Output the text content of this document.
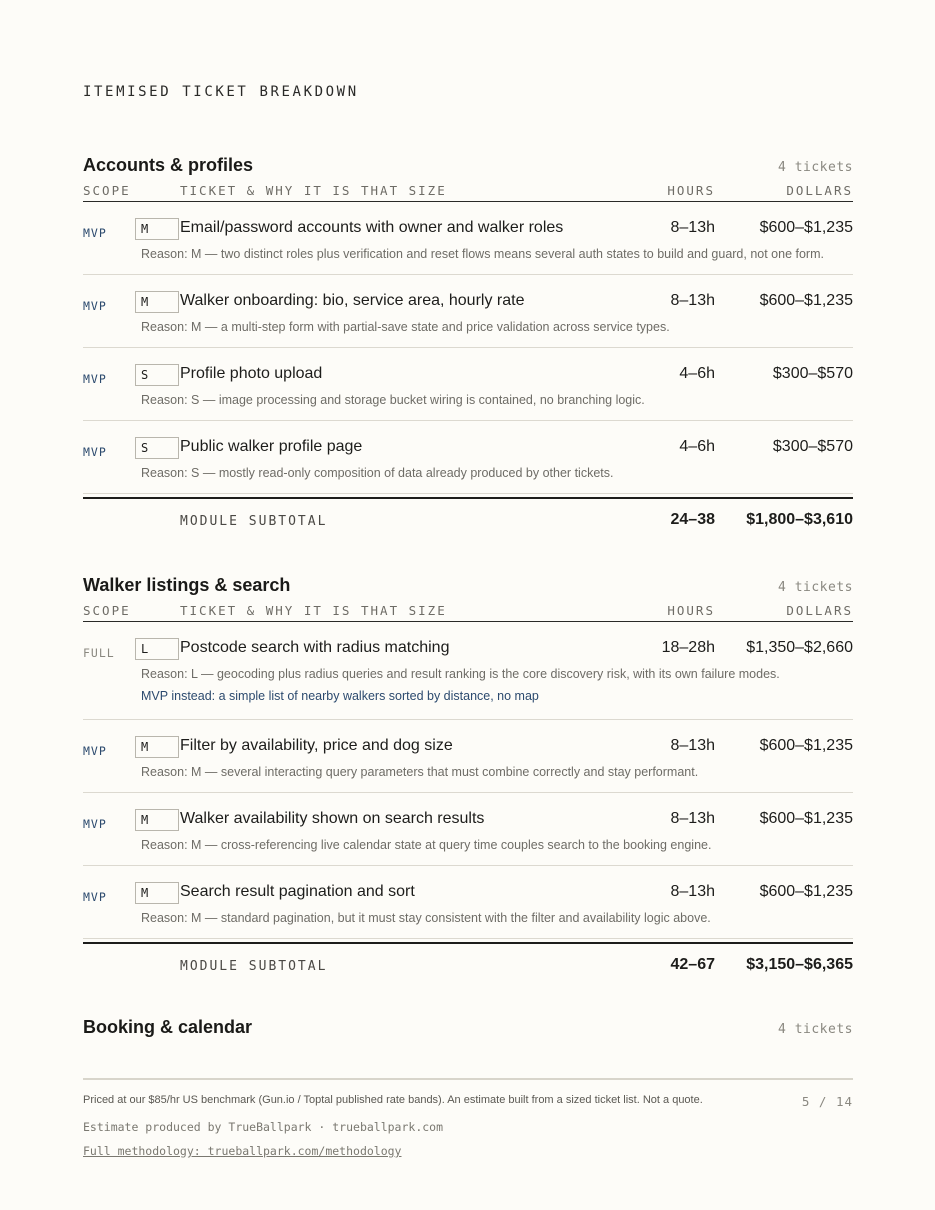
ITEMISED TICKET BREAKDOWN
Accounts & profiles	4 tickets
SCOPE	TICKET & WHY IT IS THAT SIZE	HOURS	DOLLARS
MVP	M	Email/password accounts with owner and walker roles	8–13h	$600–$1,235
Reason: M — two distinct roles plus verification and reset flows means several auth states to build and guard, not one form.
MVP	M	Walker onboarding: bio, service area, hourly rate	8–13h	$600–$1,235
Reason: M — a multi-step form with partial-save state and price validation across service types.
MVP	S	Profile photo upload	4–6h	$300–$570
Reason: S — image processing and storage bucket wiring is contained, no branching logic.
MVP	S	Public walker profile page	4–6h	$300–$570
Reason: S — mostly read-only composition of data already produced by other tickets.
MODULE SUBTOTAL	24–38 $1,800–$3,610
Walker listings & search	4 tickets
SCOPE	TICKET & WHY IT IS THAT SIZE	HOURS	DOLLARS
FULL	L	Postcode search with radius matching	18–28h $1,350–$2,660
Reason: L — geocoding plus radius queries and result ranking is the core discovery risk, with its own failure modes.
MVP instead: a simple list of nearby walkers sorted by distance, no map
MVP	M	Filter by availability, price and dog size	8–13h	$600–$1,235
Reason: M — several interacting query parameters that must combine correctly and stay performant.
MVP	M	Walker availability shown on search results	8–13h	$600–$1,235
Reason: M — cross-referencing live calendar state at query time couples search to the booking engine.
MVP	M	Search result pagination and sort	8–13h	$600–$1,235
Reason: M — standard pagination, but it must stay consistent with the filter and availability logic above.
MODULE SUBTOTAL	42–67 $3,150–$6,365
Booking & calendar	4 tickets
Priced at our $85/hr US benchmark (Gun.io / Toptal published rate bands). An estimate built from a sized ticket list. Not a quote.	5 / 14
Estimate produced by TrueBallpark · trueballpark.com
Full methodology: trueballpark.com/methodology
